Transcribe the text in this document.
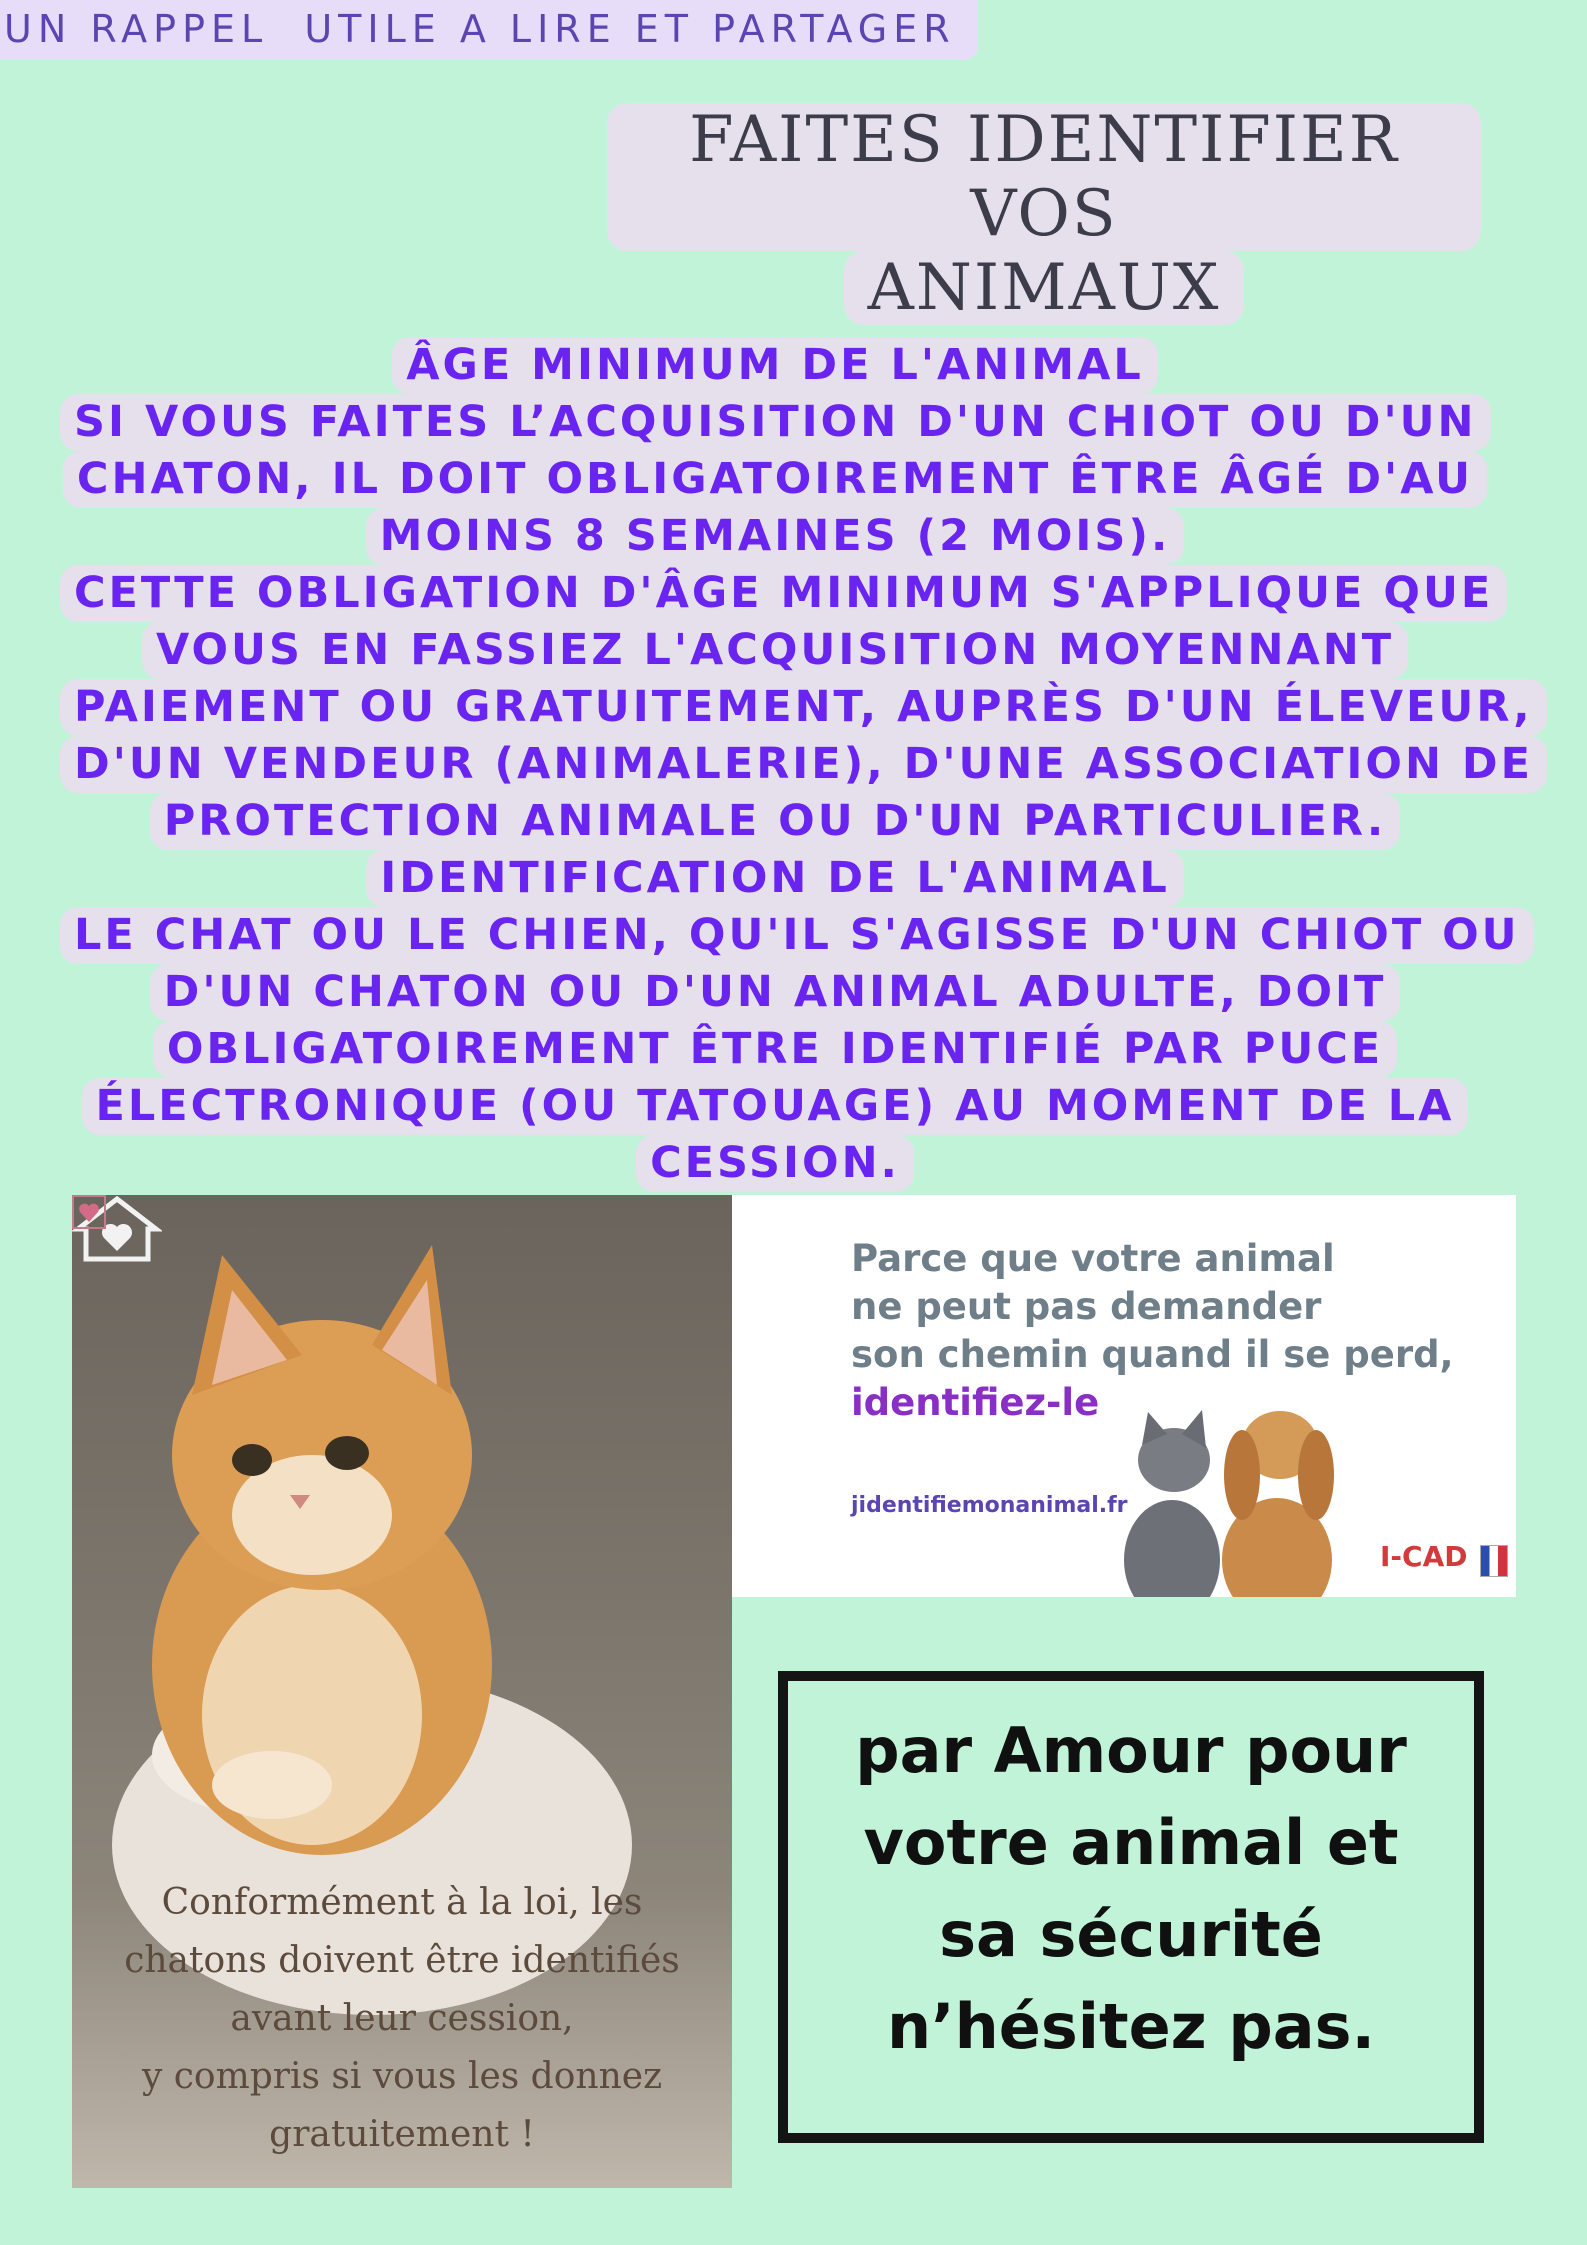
UN RAPPEL  UTILE A LIRE ET PARTAGER
FAITES IDENTIFIER VOS
ANIMAUX
ÂGE MINIMUM DE L'ANIMAL
SI VOUS FAITES L’ACQUISITION D'UN CHIOT OU D'UN
CHATON, IL DOIT OBLIGATOIREMENT ÊTRE ÂGÉ D'AU
MOINS 8 SEMAINES (2 MOIS).
CETTE OBLIGATION D'ÂGE MINIMUM S'APPLIQUE QUE
VOUS EN FASSIEZ L'ACQUISITION MOYENNANT
PAIEMENT OU GRATUITEMENT, AUPRÈS D'UN ÉLEVEUR,
D'UN VENDEUR (ANIMALERIE), D'UNE ASSOCIATION DE
PROTECTION ANIMALE OU D'UN PARTICULIER.
IDENTIFICATION DE L'ANIMAL
LE CHAT OU LE CHIEN, QU'IL S'AGISSE D'UN CHIOT OU
D'UN CHATON OU D'UN ANIMAL ADULTE, DOIT
OBLIGATOIREMENT ÊTRE IDENTIFIÉ PAR PUCE
ÉLECTRONIQUE (OU TATOUAGE) AU MOMENT DE LA
CESSION.
Conformément à la loi, les
chatons doivent être identifiés
avant leur cession,
y compris si vous les donnez
gratuitement !
Parce que votre animal
ne peut pas demander
son chemin quand il se perd,
identifiez-le
jidentifiemonanimal.fr
I-CAD
par Amour pour
votre animal et
sa sécurité
n’hésitez pas.
